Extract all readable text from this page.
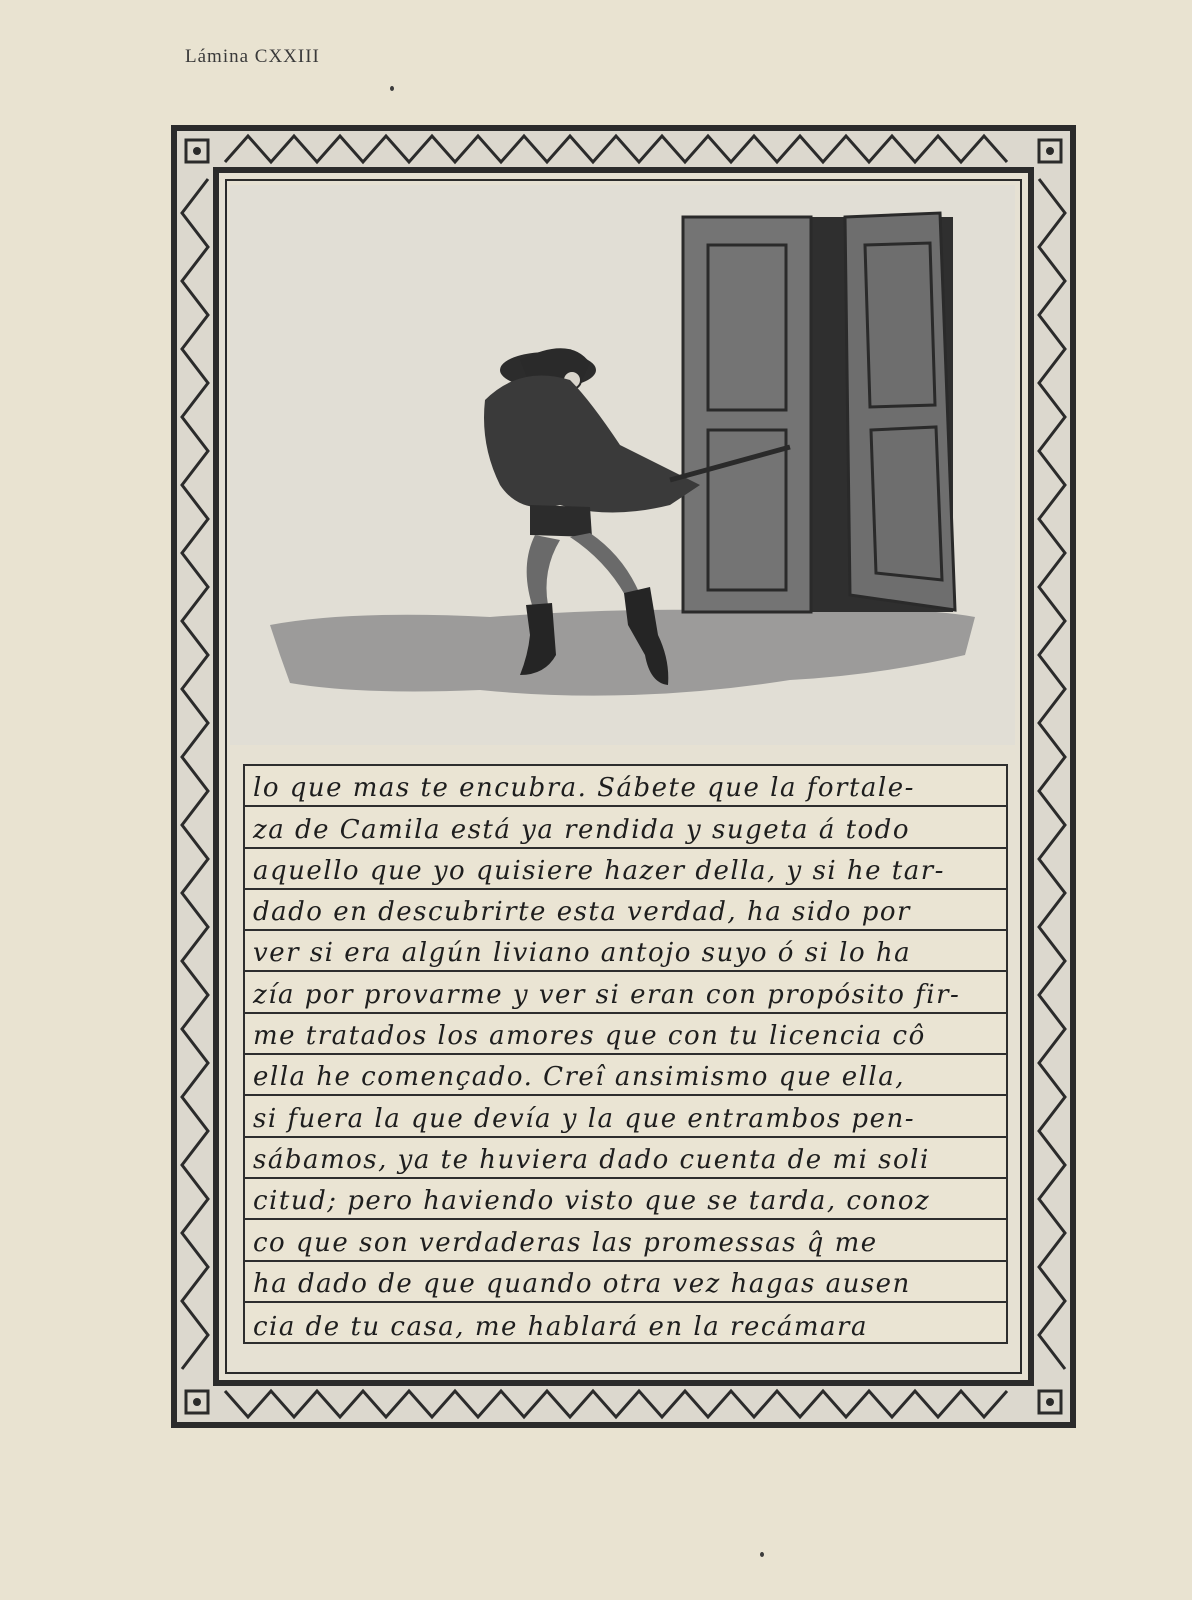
Lámina CXXIII
lo que mas te encubra. Sábete que la fortale-
za de Camila está ya rendida y sugeta á todo
aquello que yo quisiere hazer della, y si he tar-
dado en descubrirte esta verdad, ha sido por
ver si era algún liviano antojo suyo ó si lo ha
zía por provarme y ver si eran con propósito fir-
me tratados los amores que con tu licencia cô
ella he començado. Creî ansimismo que ella,
si fuera la que devía y la que entrambos pen-
sábamos, ya te huviera dado cuenta de mi soli
citud; pero haviendo visto que se tarda, conoz
co que son verdaderas las promessas q̂ me
ha dado de que quando otra vez hagas ausen
cia de tu casa, me hablará en la recámara
